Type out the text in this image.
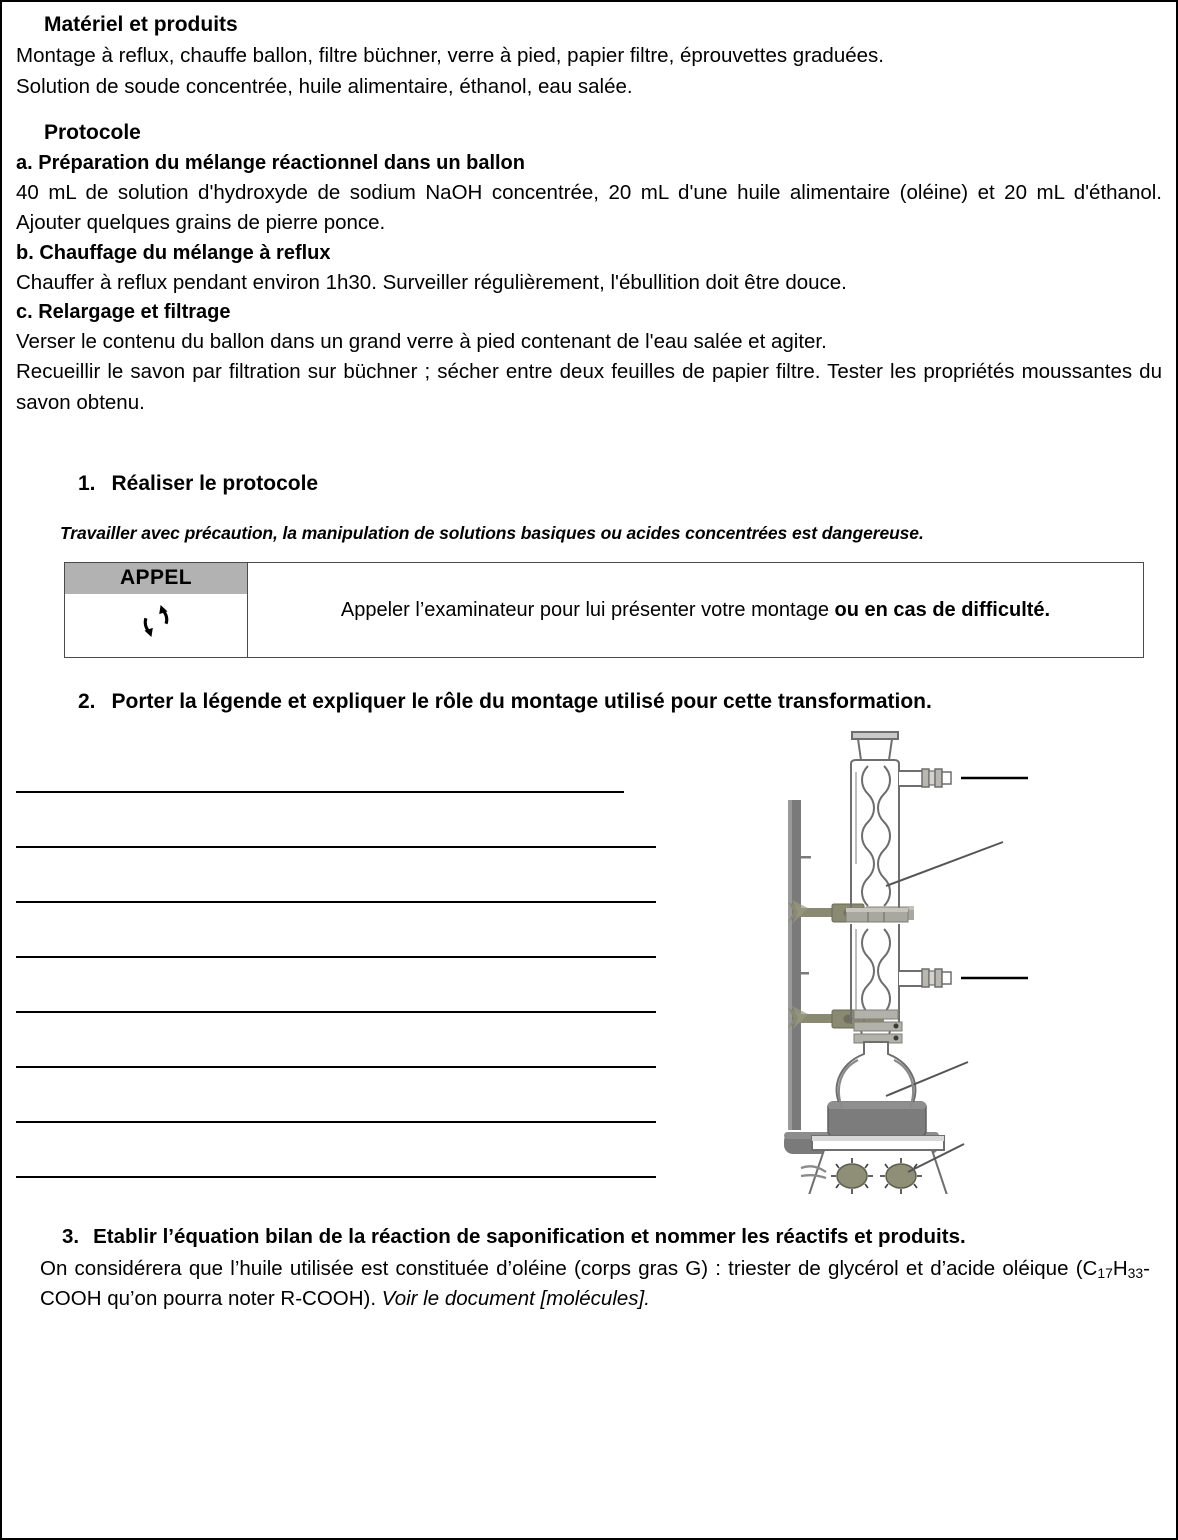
Matériel et produits
Montage à reflux, chauffe ballon, filtre büchner, verre à pied, papier filtre, éprouvettes graduées.
Solution de soude concentrée, huile alimentaire, éthanol, eau salée.
Protocole
a. Préparation du mélange réactionnel dans un ballon
40 mL de solution d'hydroxyde de sodium NaOH concentrée, 20 mL d'une huile alimentaire (oléine) et 20 mL d'éthanol. Ajouter quelques grains de pierre ponce.
b. Chauffage du mélange à reflux
Chauffer à reflux pendant environ 1h30. Surveiller régulièrement, l'ébullition doit être douce.
c. Relargage et filtrage
Verser le contenu du ballon dans un grand verre à pied contenant de l'eau salée et agiter.
Recueillir le savon par filtration sur büchner ; sécher entre deux feuilles de papier filtre. Tester les propriétés moussantes du savon obtenu.
1. Réaliser le protocole
Travailler avec précaution, la manipulation de solutions basiques ou acides concentrées est dangereuse.
APPEL
	Appeler l’examinateur pour lui présenter votre montage ou en cas de difficulté.
2. Porter la légende et expliquer le rôle du montage utilisé pour cette transformation.
3. Etablir l’équation bilan de la réaction de saponification et nommer les réactifs et produits.
On considérera que l’huile utilisée est constituée d’oléine (corps gras G) : triester de glycérol et d’acide oléique ($C_{17}H_{33}$-COOH qu’on pourra noter R-COOH). Voir le document [molécules].
